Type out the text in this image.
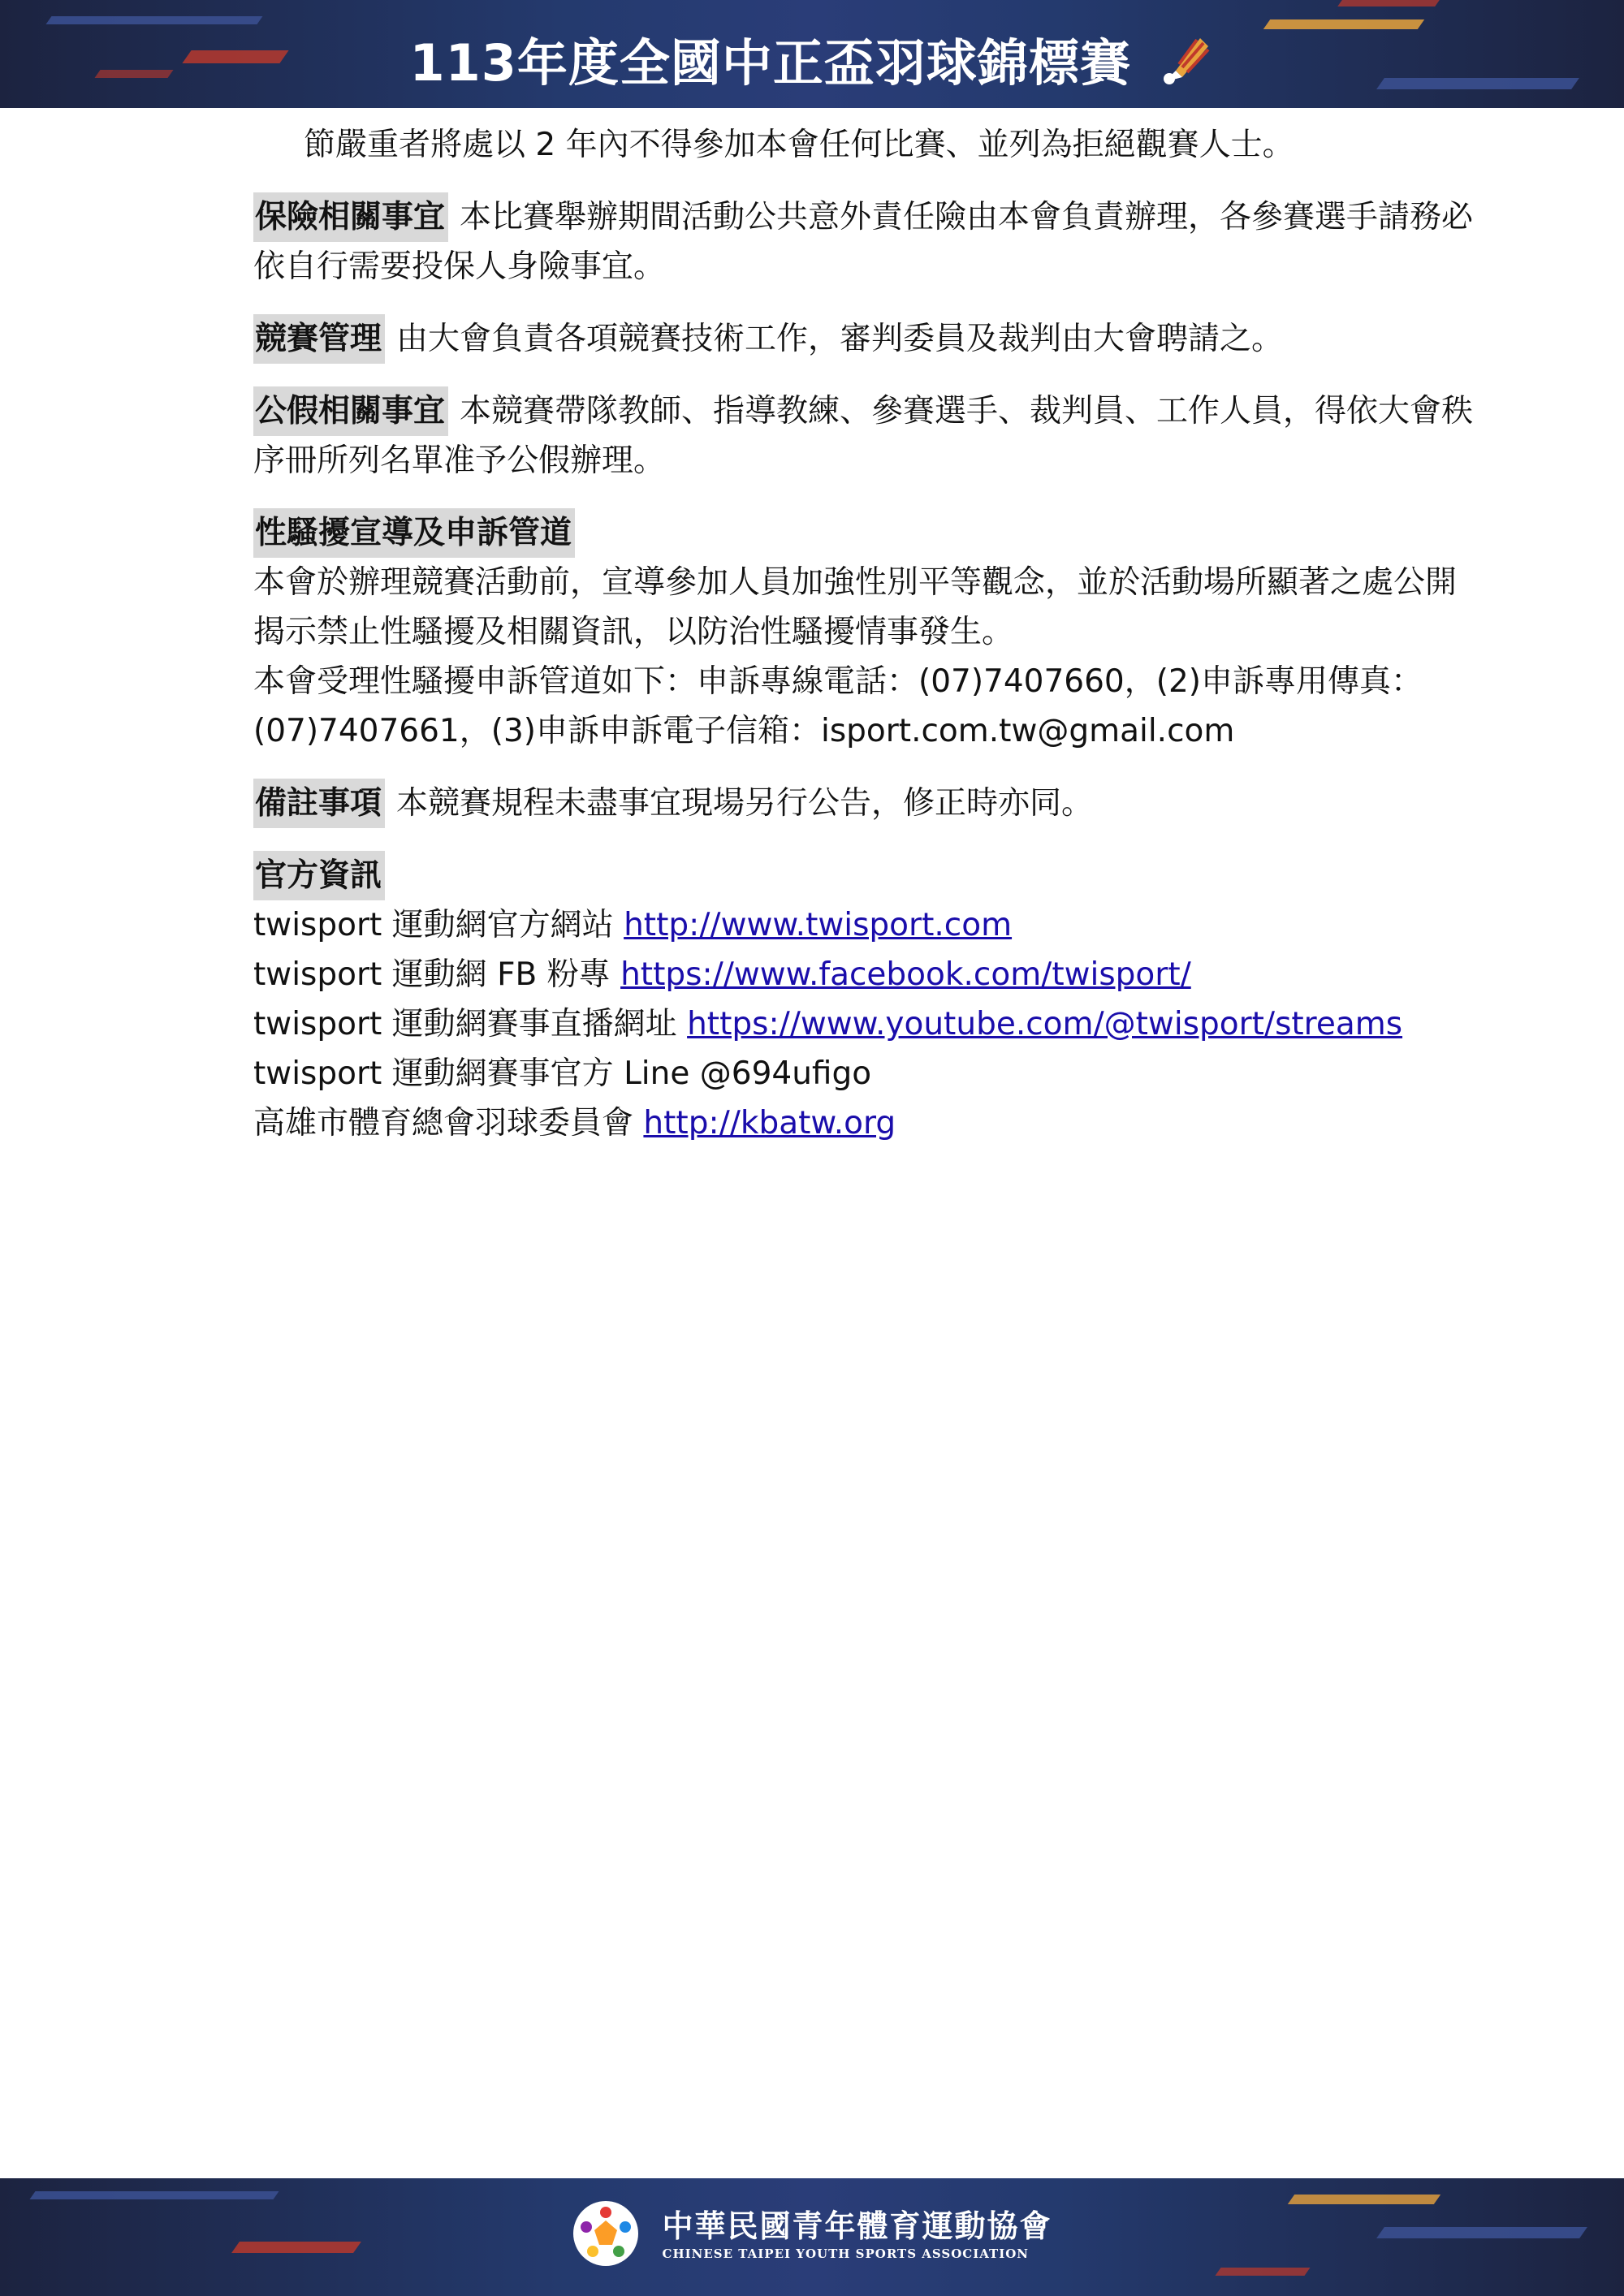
113年度全國中正盃羽球錦標賽

節嚴重者將處以 2 年內不得參加本會任何比賽、並列為拒絕觀賽人士。

保險相關事宜 本比賽舉辦期間活動公共意外責任險由本會負責辦理，各參賽選手請務必依自行需要投保人身險事宜。

競賽管理 由大會負責各項競賽技術工作，審判委員及裁判由大會聘請之。

公假相關事宜 本競賽帶隊教師、指導教練、參賽選手、裁判員、工作人員，得依大會秩序冊所列名單准予公假辦理。

性騷擾宣導及申訴管道

本會於辦理競賽活動前，宣導參加人員加強性別平等觀念，並於活動場所顯著之處公開揭示禁止性騷擾及相關資訊，以防治性騷擾情事發生。

本會受理性騷擾申訴管道如下：申訴專線電話：(07)7407660，(2)申訴專用傳真：(07)7407661，(3)申訴申訴電子信箱：isport.com.tw@gmail.com

備註事項 本競賽規程未盡事宜現場另行公告，修正時亦同。

官方資訊

twisport 運動網官方網站 http://www.twisport.com

twisport 運動網 FB 粉專 https://www.facebook.com/twisport/

twisport 運動網賽事直播網址 https://www.youtube.com/@twisport/streams

twisport 運動網賽事官方 Line @694ufigo

高雄市體育總會羽球委員會 http://kbatw.org

中華民國青年體育運動協會
CHINESE TAIPEI YOUTH SPORTS ASSOCIATION
